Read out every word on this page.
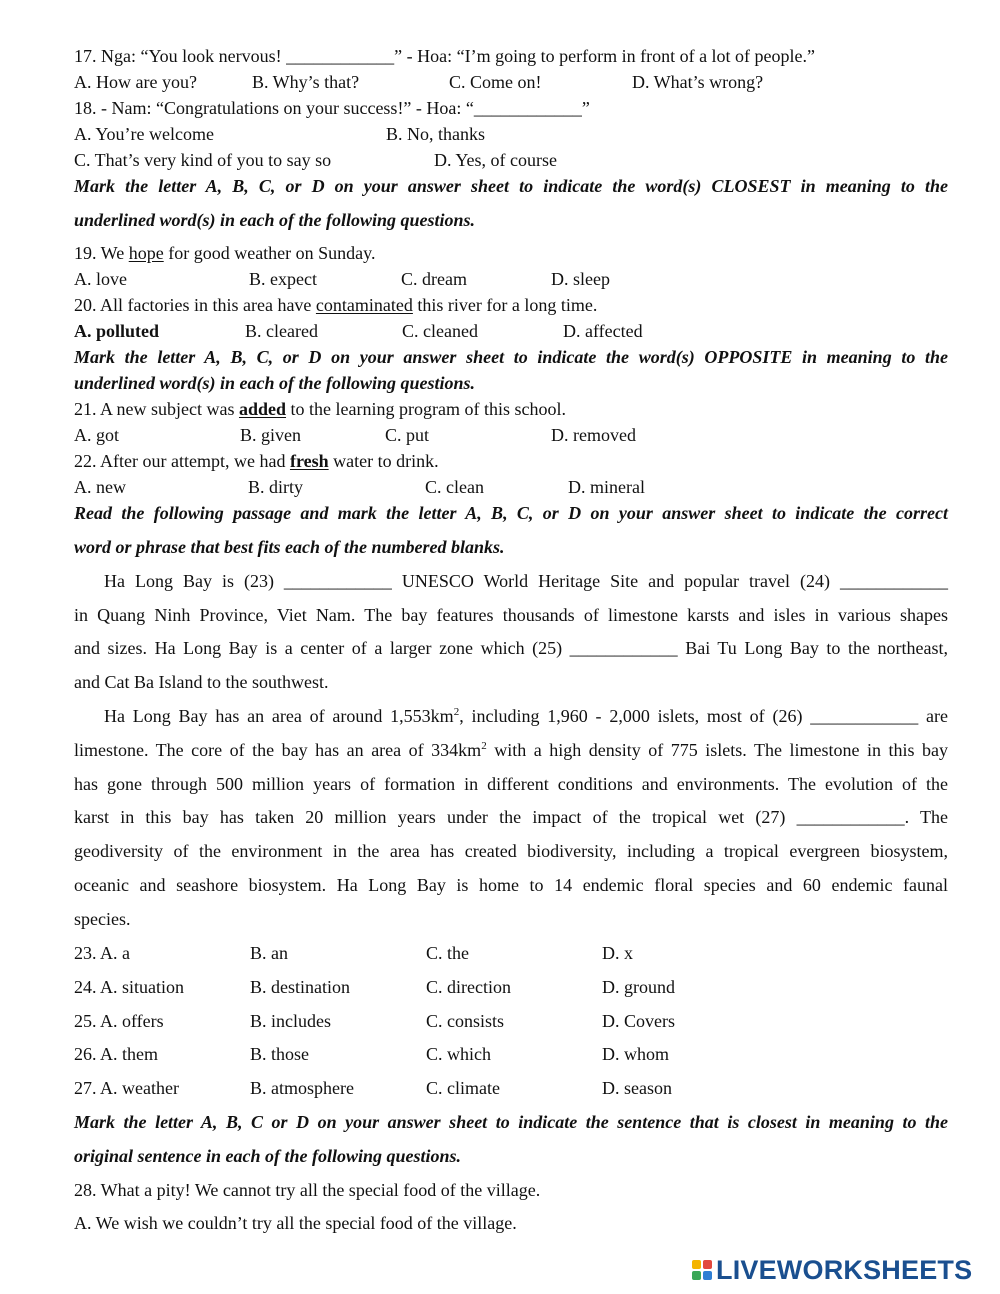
17. Nga: “You look nervous! ____________” - Hoa: “I’m going to perform in front of a lot of people.”
A. How are you?	B. Why’s that?	C. Come on!	D. What’s wrong?
18. - Nam: “Congratulations on your success!” - Hoa: “____________”
A. You’re welcome	B. No, thanks
C. That’s very kind of you to say so	D. Yes, of course
Mark the letter A, B, C, or D on your answer sheet to indicate the word(s) CLOSEST in meaning to the
underlined word(s) in each of the following questions.
19. We hope for good weather on Sunday.
A. love	B. expect	C. dream	D. sleep
20. All factories in this area have contaminated this river for a long time.
A. polluted	B. cleared	C. cleaned	D. affected
Mark the letter A, B, C, or D on your answer sheet to indicate the word(s) OPPOSITE in meaning to the
underlined word(s) in each of the following questions.
21. A new subject was added to the learning program of this school.
A. got	B. given	C. put	D. removed
22. After our attempt, we had fresh water to drink.
A. new	B. dirty	C. clean	D. mineral
Read the following passage and mark the letter A, B, C, or D on your answer sheet to indicate the correct
word or phrase that best fits each of the numbered blanks.
Ha Long Bay is (23) ____________ UNESCO World Heritage Site and popular travel (24) ____________
in Quang Ninh Province, Viet Nam. The bay features thousands of limestone karsts and isles in various shapes
and sizes. Ha Long Bay is a center of a larger zone which (25) ____________ Bai Tu Long Bay to the northeast,
and Cat Ba Island to the southwest.
Ha Long Bay has an area of around $1,553km^2$, including 1,960 - 2,000 islets, most of (26) ____________ are
limestone. The core of the bay has an area of $334km^2$ with a high density of 775 islets. The limestone in this bay
has gone through 500 million years of formation in different conditions and environments. The evolution of the
karst in this bay has taken 20 million years under the impact of the tropical wet (27) ____________. The
geodiversity of the environment in the area has created biodiversity, including a tropical evergreen biosystem,
oceanic and seashore biosystem. Ha Long Bay is home to 14 endemic floral species and 60 endemic faunal
species.
23. A. a	B. an	C. the	D. x
24. A. situation	B. destination	C. direction	D. ground
25. A. offers	B. includes	C. consists	D. Covers
26. A. them	B. those	C. which	D. whom
27. A. weather	B. atmosphere	C. climate	D. season
Mark the letter A, B, C or D on your answer sheet to indicate the sentence that is closest in meaning to the
original sentence in each of the following questions.
28. What a pity! We cannot try all the special food of the village.
A. We wish we couldn’t try all the special food of the village.
LIVEWORKSHEETS
